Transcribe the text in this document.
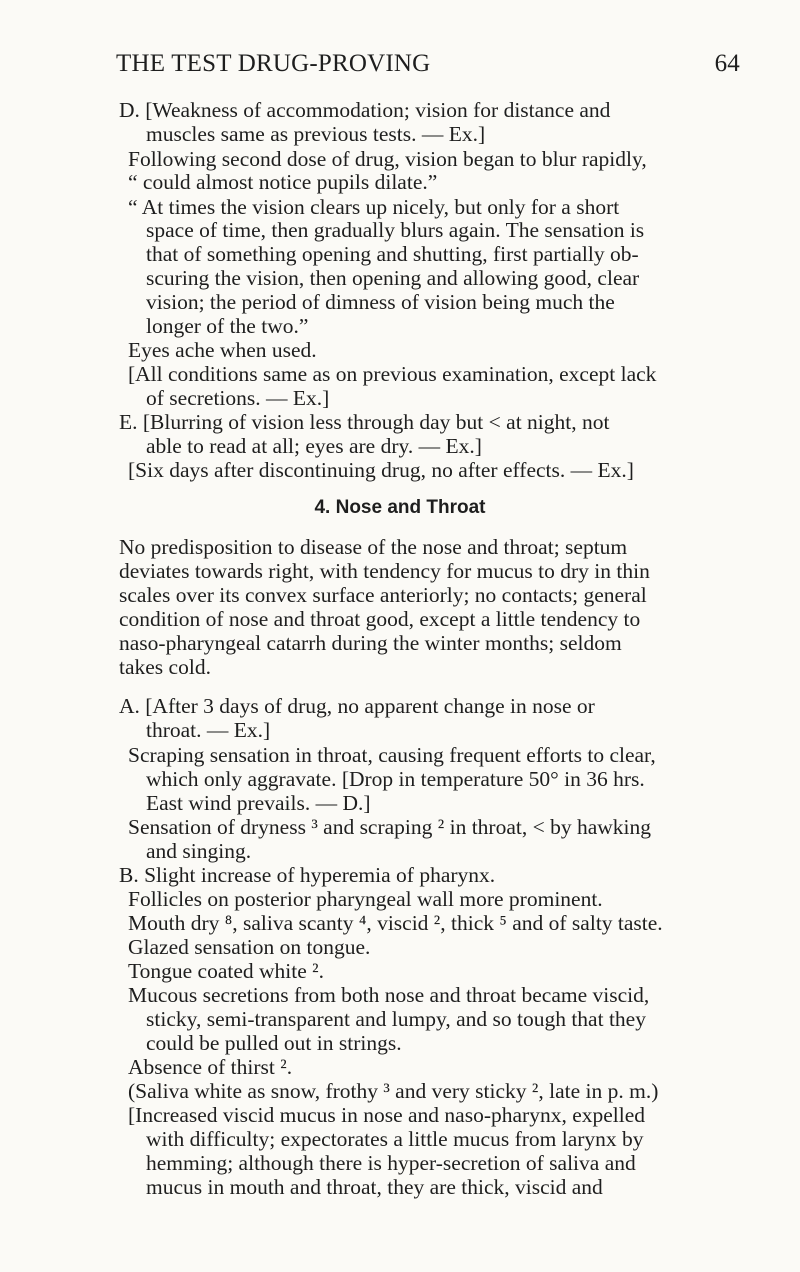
THE TEST DRUG-PROVING	64
D. [Weakness of accommodation; vision for distance and
muscles same as previous tests. — Ex.]
Following second dose of drug, vision began to blur rapidly,
“ could almost notice pupils dilate.”
“ At times the vision clears up nicely, but only for a short
space of time, then gradually blurs again. The sensation is
that of something opening and shutting, first partially ob-
scuring the vision, then opening and allowing good, clear
vision; the period of dimness of vision being much the
longer of the two.”
Eyes ache when used.
[All conditions same as on previous examination, except lack
of secretions. — Ex.]
E. [Blurring of vision less through day but < at night, not
able to read at all; eyes are dry. — Ex.]
[Six days after discontinuing drug, no after effects. — Ex.]
4. Nose and Throat
No predisposition to disease of the nose and throat; septum
deviates towards right, with tendency for mucus to dry in thin
scales over its convex surface anteriorly; no contacts; general
condition of nose and throat good, except a little tendency to
naso-pharyngeal catarrh during the winter months; seldom
takes cold.
A. [After 3 days of drug, no apparent change in nose or
throat. — Ex.]
Scraping sensation in throat, causing frequent efforts to clear,
which only aggravate. [Drop in temperature 50° in 36 hrs.
East wind prevails. — D.]
Sensation of dryness ³ and scraping ² in throat, < by hawking
and singing.
B. Slight increase of hyperemia of pharynx.
Follicles on posterior pharyngeal wall more prominent.
Mouth dry ⁸, saliva scanty ⁴, viscid ², thick ⁵ and of salty taste.
Glazed sensation on tongue.
Tongue coated white ².
Mucous secretions from both nose and throat became viscid,
sticky, semi-transparent and lumpy, and so tough that they
could be pulled out in strings.
Absence of thirst ².
(Saliva white as snow, frothy ³ and very sticky ², late in p. m.)
[Increased viscid mucus in nose and naso-pharynx, expelled
with difficulty; expectorates a little mucus from larynx by
hemming; although there is hyper-secretion of saliva and
mucus in mouth and throat, they are thick, viscid and
